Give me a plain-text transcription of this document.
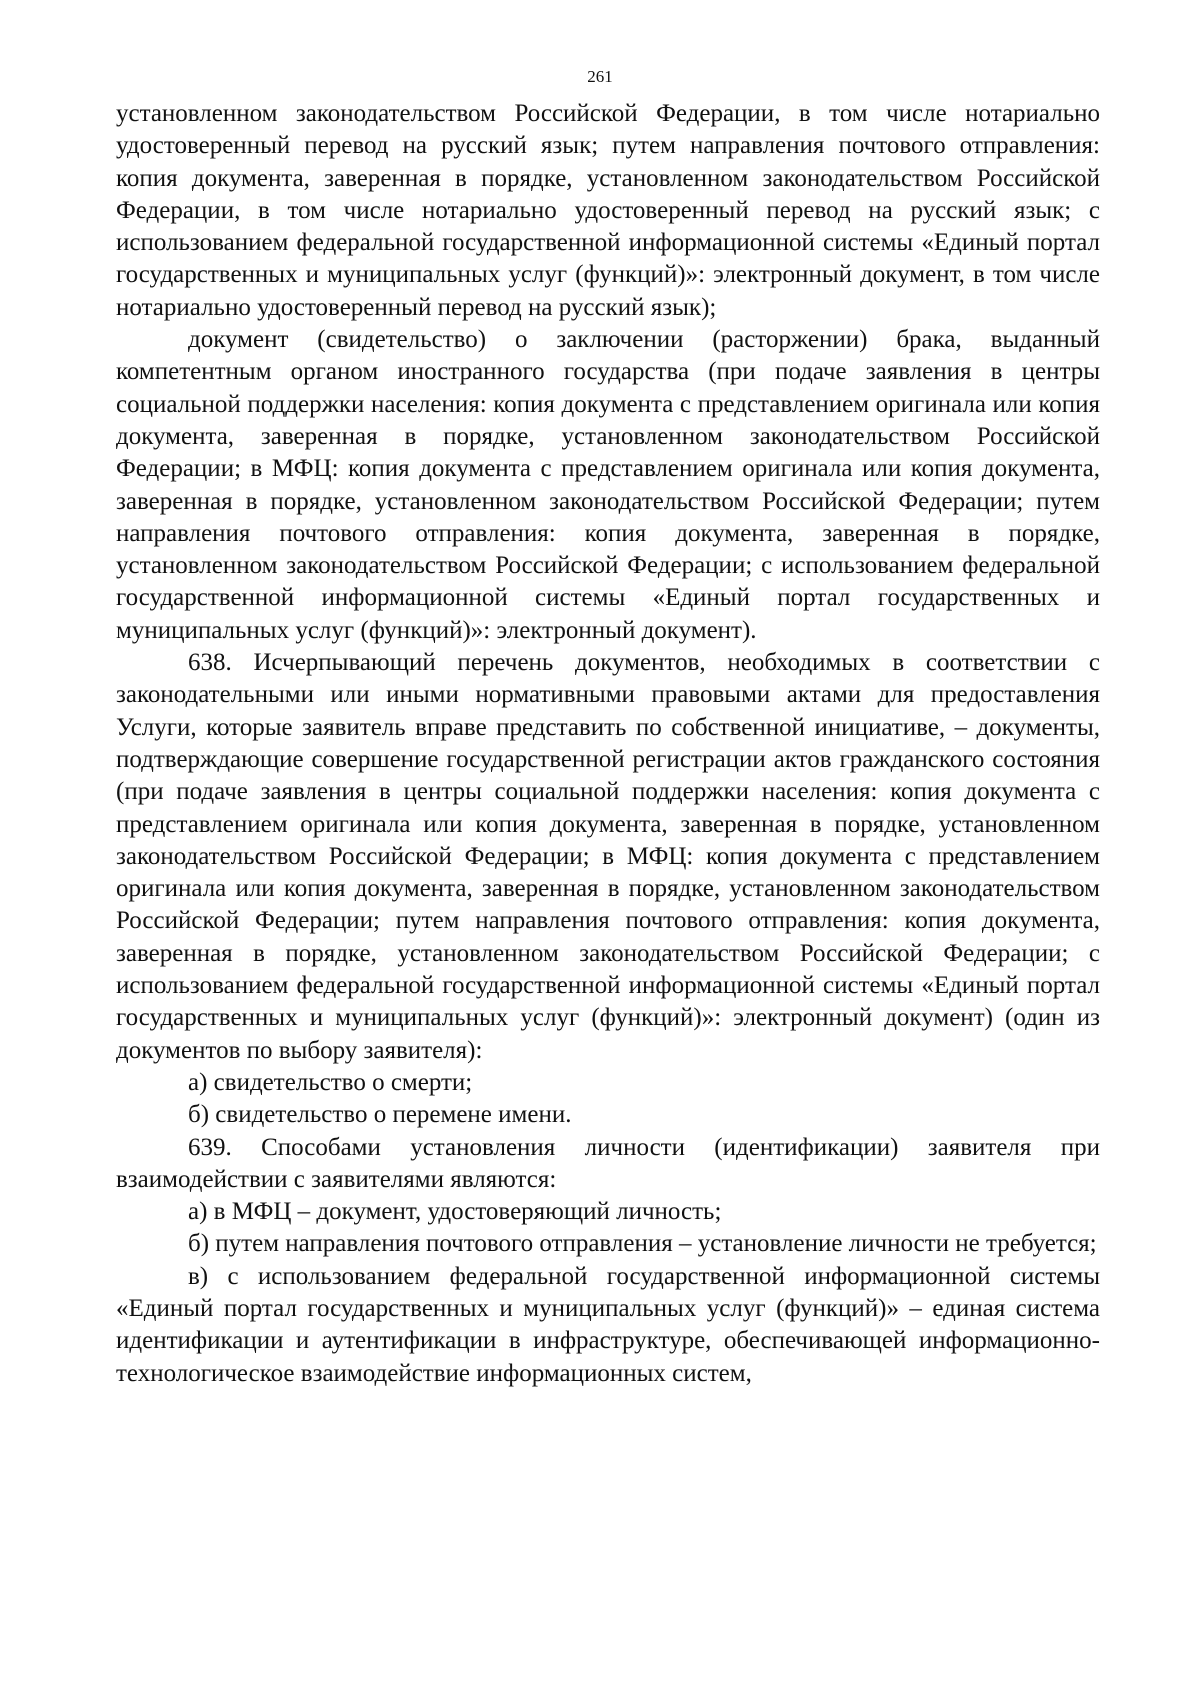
261

установленном законодательством Российской Федерации, в том числе нотариально удостоверенный перевод на русский язык; путем направления почтового отправления: копия документа, заверенная в порядке, установленном законодательством Российской Федерации, в том числе нотариально удостоверенный перевод на русский язык; с использованием федеральной государственной информационной системы «Единый портал государственных и муниципальных услуг (функций)»: электронный документ, в том числе нотариально удостоверенный перевод на русский язык);

документ (свидетельство) о заключении (расторжении) брака, выданный компетентным органом иностранного государства (при подаче заявления в центры социальной поддержки населения: копия документа с представлением оригинала или копия документа, заверенная в порядке, установленном законодательством Российской Федерации; в МФЦ: копия документа с представлением оригинала или копия документа, заверенная в порядке, установленном законодательством Российской Федерации; путем направления почтового отправления: копия документа, заверенная в порядке, установленном законодательством Российской Федерации; с использованием федеральной государственной информационной системы «Единый портал государственных и муниципальных услуг (функций)»: электронный документ).

638. Исчерпывающий перечень документов, необходимых в соответствии с законодательными или иными нормативными правовыми актами для предоставления Услуги, которые заявитель вправе представить по собственной инициативе, – документы, подтверждающие совершение государственной регистрации актов гражданского состояния (при подаче заявления в центры социальной поддержки населения: копия документа с представлением оригинала или копия документа, заверенная в порядке, установленном законодательством Российской Федерации; в МФЦ: копия документа с представлением оригинала или копия документа, заверенная в порядке, установленном законодательством Российской Федерации; путем направления почтового отправления: копия документа, заверенная в порядке, установленном законодательством Российской Федерации; с использованием федеральной государственной информационной системы «Единый портал государственных и муниципальных услуг (функций)»: электронный документ) (один из документов по выбору заявителя):

а) свидетельство о смерти;

б) свидетельство о перемене имени.

639. Способами установления личности (идентификации) заявителя при взаимодействии с заявителями являются:

а) в МФЦ – документ, удостоверяющий личность;

б) путем направления почтового отправления – установление личности не требуется;

в) с использованием федеральной государственной информационной системы «Единый портал государственных и муниципальных услуг (функций)» – единая система идентификации и аутентификации в инфраструктуре, обеспечивающей информационно-технологическое взаимодействие информационных систем,
